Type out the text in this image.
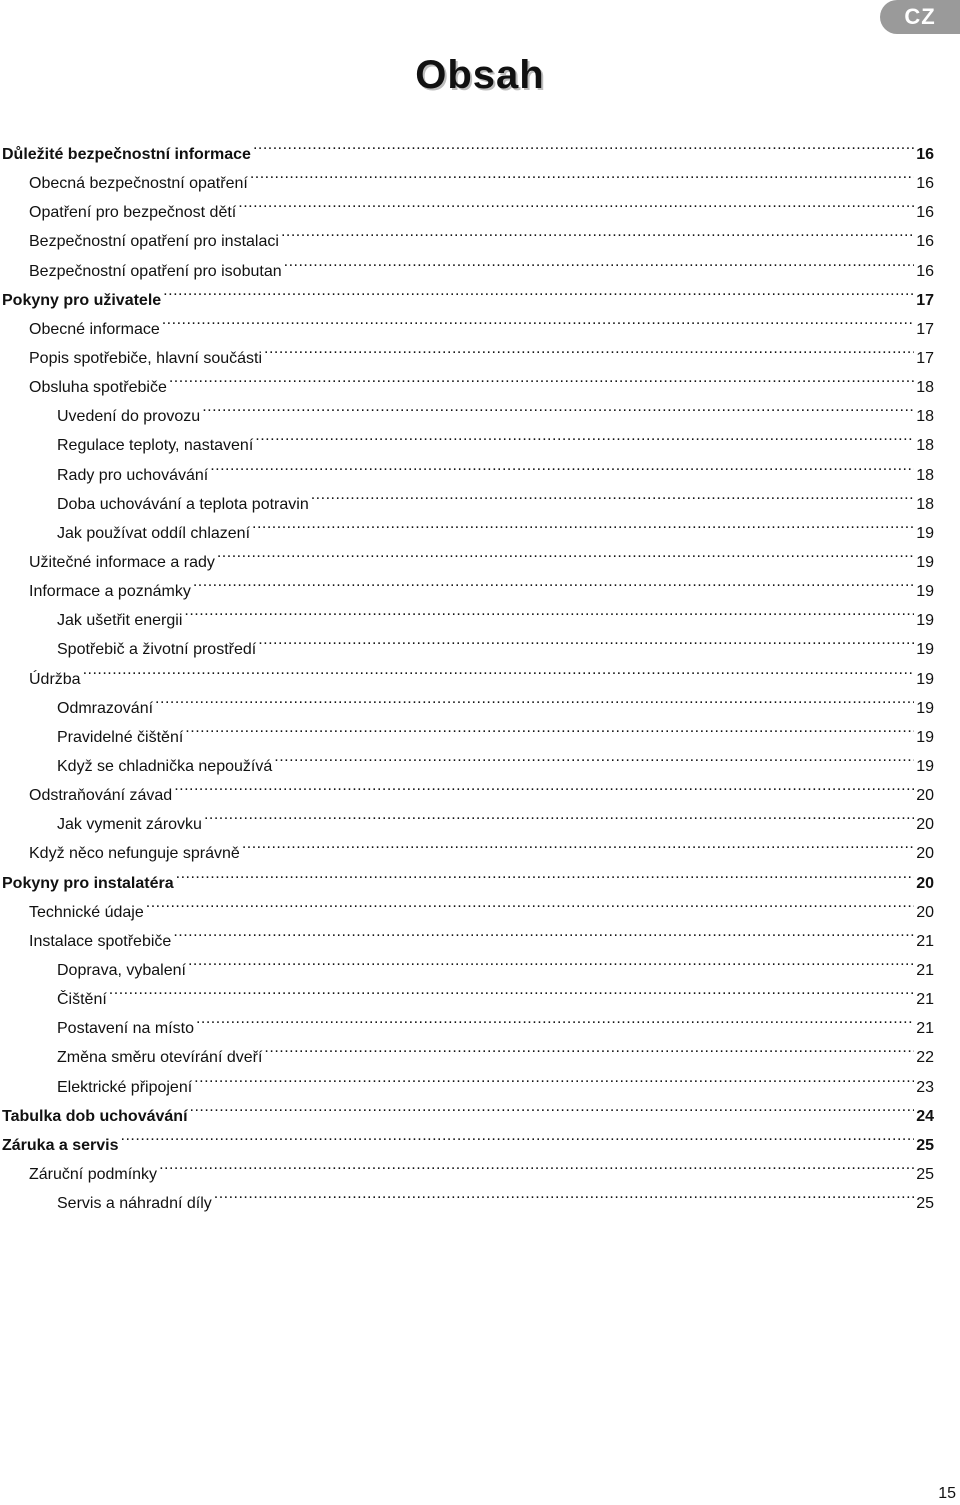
CZ
Obsah
Důležité bezpečnostní informace .....	16
Obecná bezpečnostní opatření .....	16
Opatření pro bezpečnost dětí .....	16
Bezpečnostní opatření pro instalaci .....	16
Bezpečnostní opatření pro isobutan .....	16
Pokyny pro uživatele .....	17
Obecné informace .....	17
Popis spotřebiče, hlavní součásti .....	17
Obsluha spotřebiče .....	18
Uvedení do provozu .....	18
Regulace teploty, nastavení .....	18
Rady pro uchovávání .....	18
Doba uchovávání a teplota potravin .....	18
Jak používat oddíl chlazení .....	19
Užitečné informace a rady .....	19
Informace a poznámky .....	19
Jak ušetřit energii .....	19
Spotřebič a životní prostředí .....	19
Údržba .....	19
Odmrazování .....	19
Pravidelné čištění .....	19
Když se chladnička nepoužívá .....	19
Odstraňování závad .....	20
Jak vymenit zárovku .....	20
Když něco nefunguje správně .....	20
Pokyny pro instalatéra .....	20
Technické údaje .....	20
Instalace spotřebiče .....	21
Doprava, vybalení .....	21
Čištění .....	21
Postavení na místo .....	21
Změna směru otevírání dveří .....	22
Elektrické připojení .....	23
Tabulka dob uchovávání .....	24
Záruka a servis .....	25
Záruční podmínky .....	25
Servis a náhradní díly .....	25

15
